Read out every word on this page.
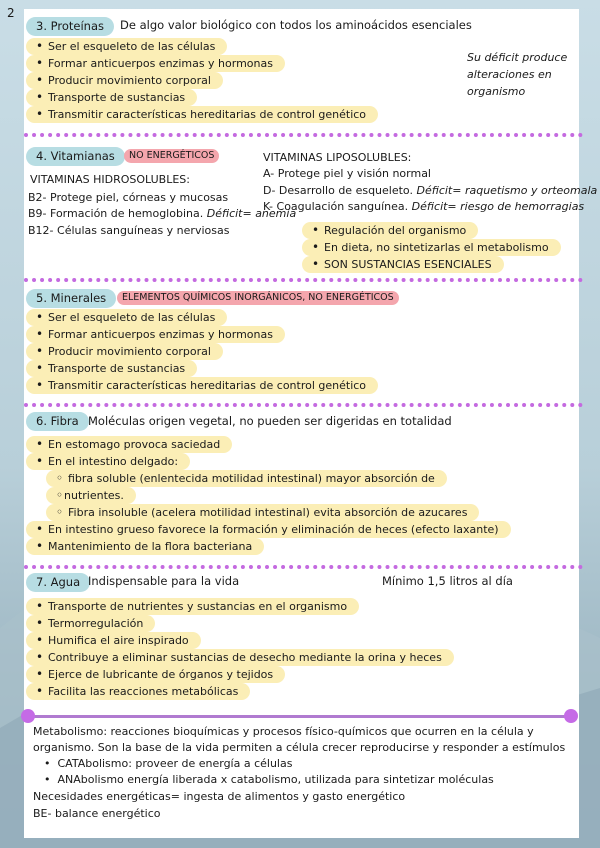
2
3. Proteínas	De algo valor biológico con todos los aminoácidos esenciales
• Ser el esqueleto de las células
• Formar anticuerpos enzimas y hormonas
• Producir movimiento corporal
• Transporte de sustancias
• Transmitir características hereditarias de control genético
Su déficit produce
alteraciones en
organismo
4. Vitamianas	NO ENERGÉTICOS
VITAMINAS HIDROSOLUBLES:
B2- Protege piel, córneas y mucosas
B9- Formación de hemoglobina. Déficit= anemia
B12- Células sanguíneas y nerviosas
VITAMINAS LIPOSOLUBLES:
A- Protege piel y visión normal
D- Desarrollo de esqueleto. Déficit= raquetismo y orteomala
K- Coagulación sanguínea. Déficit= riesgo de hemorragias
• Regulación del organismo
• En dieta, no sintetizarlas el metabolismo
• SON SUSTANCIAS ESENCIALES
5. Minerales	ELEMENTOS QUÍMICOS INORGÁNICOS, NO ENERGÉTICOS
• Ser el esqueleto de las células
• Formar anticuerpos enzimas y hormonas
• Producir movimiento corporal
• Transporte de sustancias
• Transmitir características hereditarias de control genético
6. Fibra Moléculas origen vegetal, no pueden ser digeridas en totalidad
• En estomago provoca saciedad
• En el intestino delgado:
◦ fibra soluble (enlentecida motilidad intestinal) mayor absorción de
◦ nutrientes.
◦ Fibra insoluble (acelera motilidad intestinal) evita absorción de azucares
• En intestino grueso favorece la formación y eliminación de heces (efecto laxante)
• Mantenimiento de la flora bacteriana
7. Agua Indispensable para la vida	Mínimo 1,5 litros al día
• Transporte de nutrientes y sustancias en el organismo
• Termorregulación
• Humifica el aire inspirado
• Contribuye a eliminar sustancias de desecho mediante la orina y heces
• Ejerce de lubricante de órganos y tejidos
• Facilita las reacciones metabólicas
Metabolismo: reacciones bioquímicas y procesos físico-químicos que ocurren en la célula y
organismo. Son la base de la vida permiten a célula crecer reproducirse y responder a estímulos
•  CATAbolismo: proveer de energía a células
•  ANAbolismo energía liberada x catabolismo, utilizada para sintetizar moléculas
Necesidades energéticas= ingesta de alimentos y gasto energético
BE- balance energético
